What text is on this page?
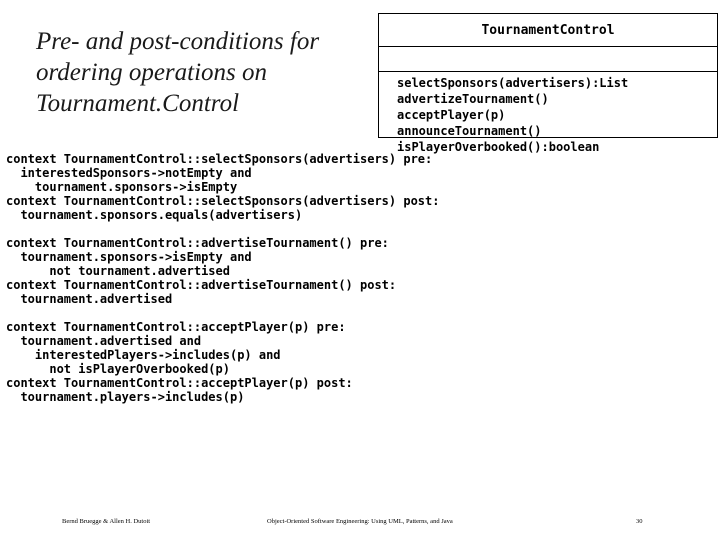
Pre- and post-conditions for
ordering operations on
Tournament.Control
TournamentControl
selectSponsors(advertisers):List
advertizeTournament()
acceptPlayer(p)
announceTournament()
isPlayerOverbooked():boolean
context TournamentControl::selectSponsors(advertisers) pre:
interestedSponsors->notEmpty and
tournament.sponsors->isEmpty
context TournamentControl::selectSponsors(advertisers) post:
tournament.sponsors.equals(advertisers)
context TournamentControl::advertiseTournament() pre:
tournament.sponsors->isEmpty and
not tournament.advertised
context TournamentControl::advertiseTournament() post:
tournament.advertised
context TournamentControl::acceptPlayer(p) pre:
tournament.advertised and
interestedPlayers->includes(p) and
not isPlayerOverbooked(p)
context TournamentControl::acceptPlayer(p) post:
tournament.players->includes(p)
Bernd Bruegge & Allen H. Dutoit	Object-Oriented Software Engineering: Using UML, Patterns, and Java	30
